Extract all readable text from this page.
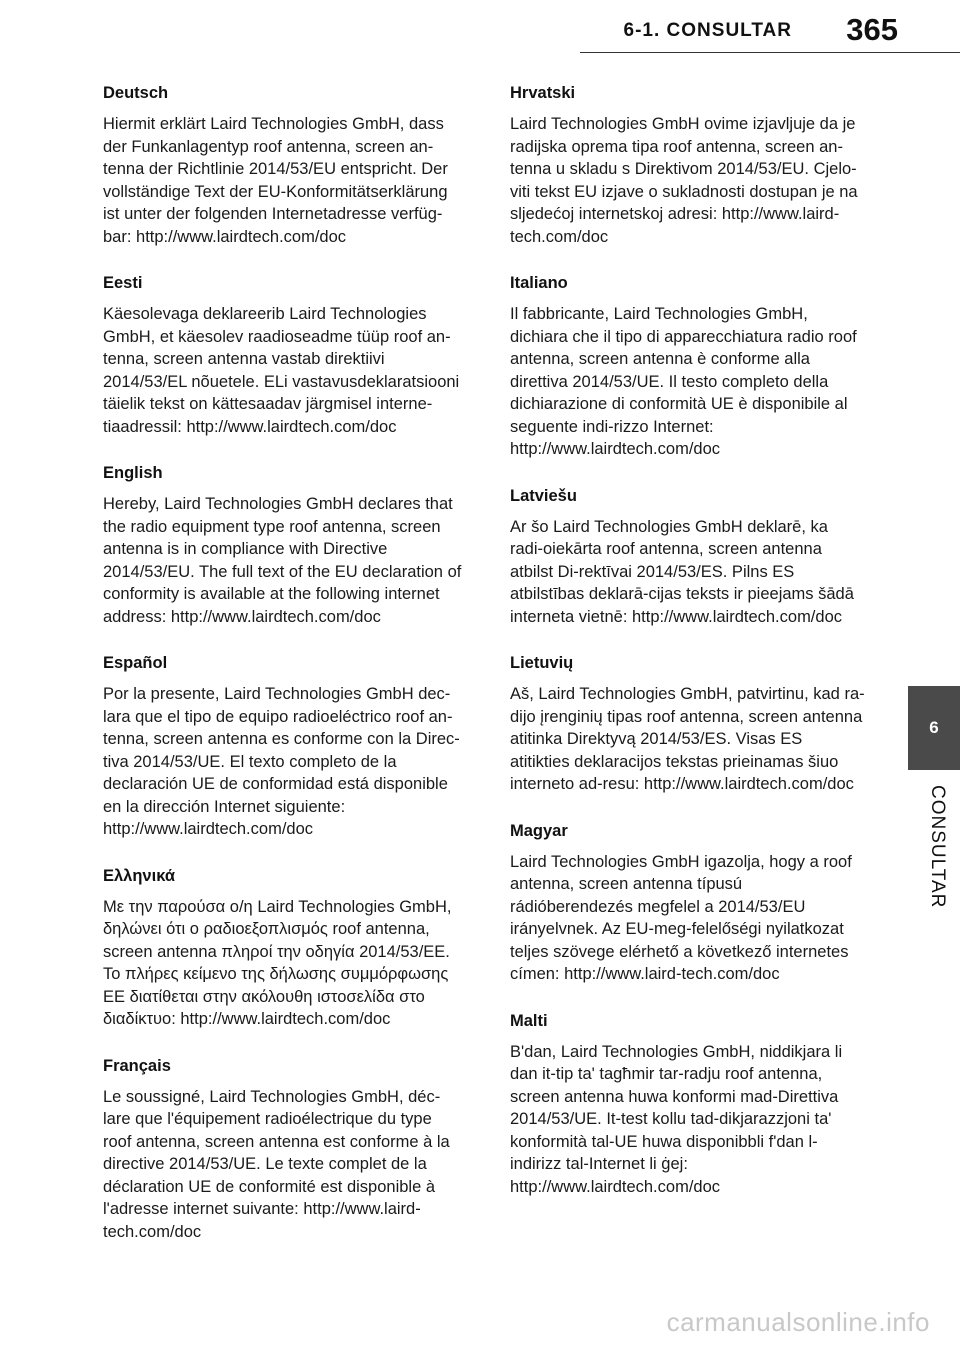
6-1. CONSULTAR 365
6
CONSULTAR
Deutsch

Hiermit erklärt Laird Technologies GmbH, dass der Funkanlagentyp roof antenna, screen an-tenna der Richtlinie 2014/53/EU entspricht. Der vollständige Text der EU-Konformitätserklärung ist unter der folgenden Internetadresse verfüg-bar: http://www.lairdtech.com/doc

Eesti

Käesolevaga deklareerib Laird Technologies GmbH, et käesolev raadioseadme tüüp roof an-tenna, screen antenna vastab direktiivi 2014/53/EL nõuetele. ELi vastavusdeklaratsiooni täielik tekst on kättesaadav järgmisel interne-tiaadressil: http://www.lairdtech.com/doc

English

Hereby, Laird Technologies GmbH declares that the radio equipment type roof antenna, screen antenna is in compliance with Directive 2014/53/EU. The full text of the EU declaration of conformity is available at the following internet address: http://www.lairdtech.com/doc

Español

Por la presente, Laird Technologies GmbH dec-lara que el tipo de equipo radioeléctrico roof an-tenna, screen antenna es conforme con la Direc-tiva 2014/53/UE. El texto completo de la declaración UE de conformidad está disponible en la dirección Internet siguiente: http://www.lairdtech.com/doc

Ελληνικά

Με την παρούσα ο/η Laird Technologies GmbH, δηλώνει ότι ο ραδιοεξοπλισμός roof antenna, screen antenna πληροί την οδηγία 2014/53/ΕΕ. Το πλήρες κείμενο της δήλωσης συμμόρφωσης ΕΕ διατίθεται στην ακόλουθη ιστοσελίδα στο διαδίκτυο: http://www.lairdtech.com/doc

Français

Le soussigné, Laird Technologies GmbH, déc-lare que l'équipement radioélectrique du type roof antenna, screen antenna est conforme à la directive 2014/53/UE. Le texte complet de la déclaration UE de conformité est disponible à l'adresse internet suivante: http://www.laird-tech.com/doc

Hrvatski

Laird Technologies GmbH ovime izjavljuje da je radijska oprema tipa roof antenna, screen an-tenna u skladu s Direktivom 2014/53/EU. Cjelo-viti tekst EU izjave o sukladnosti dostupan je na sljedećoj internetskoj adresi: http://www.laird-tech.com/doc

Italiano

Il fabbricante, Laird Technologies GmbH, dichiara che il tipo di apparecchiatura radio roof antenna, screen antenna è conforme alla direttiva 2014/53/UE. Il testo completo della dichiarazione di conformità UE è disponibile al seguente indi-rizzo Internet: http://www.lairdtech.com/doc

Latviešu

Ar šo Laird Technologies GmbH deklarē, ka radi-oiekārta roof antenna, screen antenna atbilst Di-rektīvai 2014/53/ES. Pilns ES atbilstības deklarā-cijas teksts ir pieejams šādā interneta vietnē: http://www.lairdtech.com/doc

Lietuvių

Aš, Laird Technologies GmbH, patvirtinu, kad ra-dijo įrenginių tipas roof antenna, screen antenna atitinka Direktyvą 2014/53/ES. Visas ES atitikties deklaracijos tekstas prieinamas šiuo interneto ad-resu: http://www.lairdtech.com/doc

Magyar

Laird Technologies GmbH igazolja, hogy a roof antenna, screen antenna típusú rádióberendezés megfelel a 2014/53/EU irányelvnek. Az EU-meg-felelőségi nyilatkozat teljes szövege elérhető a következő internetes címen: http://www.laird-tech.com/doc

Malti

B'dan, Laird Technologies GmbH, niddikjara li dan it-tip ta' tagħmir tar-radju roof antenna, screen antenna huwa konformi mad-Direttiva 2014/53/UE. It-test kollu tad-dikjarazzjoni ta' konformità tal-UE huwa disponibbli f'dan l-indirizz tal-Internet li ġej: http://www.lairdtech.com/doc

carmanualsonline.info
